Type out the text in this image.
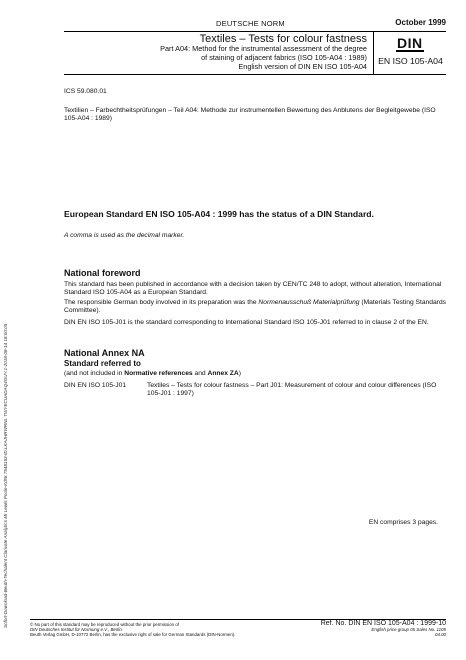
Sofort-Download-Beuth-Techalent Clarivate Analytics Mr Lewis Poole-KdNr.7548153-ID.LKAJHRWRNL TWYECUADAQ4GUY.1-2018-08-14 18:00:05
DEUTSCHE NORM	October 1999
Textiles – Tests for colour fastness
Part A04: Method for the instrumental assessment of the degree
of staining of adjacent fabrics (ISO 105-A04 : 1989)
English version of DIN EN ISO 105-A04
DIN
EN ISO 105-A04
ICS 59.080.01
Textilien – Farbechtheitsprüfungen – Teil A04: Methode zur instrumentellen Bewertung des Anblutens der Begleitgewebe (ISO 105-A04 : 1989)
European Standard EN ISO 105-A04 : 1999 has the status of a DIN Standard.
A comma is used as the decimal marker.
National foreword
This standard has been published in accordance with a decision taken by CEN/TC 248 to adopt, without alteration, International Standard ISO 105-A04 as a European Standard.
The responsible German body involved in its preparation was the Normenausschuß Materialprüfung (Materials Testing Standards Committee).
DIN EN ISO 105-J01 is the standard corresponding to International Standard ISO 105-J01 referred to in clause 2 of the EN.
National Annex NA
Standard referred to
(and not included in Normative references and Annex ZA)
DIN EN ISO 105-J01	Textiles – Tests for colour fastness – Part J01: Measurement of colour and colour differences (ISO 105-J01 : 1997)
EN comprises 3 pages.
© No part of this standard may be reproduced without the prior permission of
DIN Deutsches Institut für Normung e.V., Berlin.
Beuth Verlag GmbH, D-10772 Berlin, has the exclusive right of sale for German Standards (DIN-Normen).
Ref. No. DIN EN ISO 105-A04 : 1999-10
English price group 05 Sales No. 1105
04.00
